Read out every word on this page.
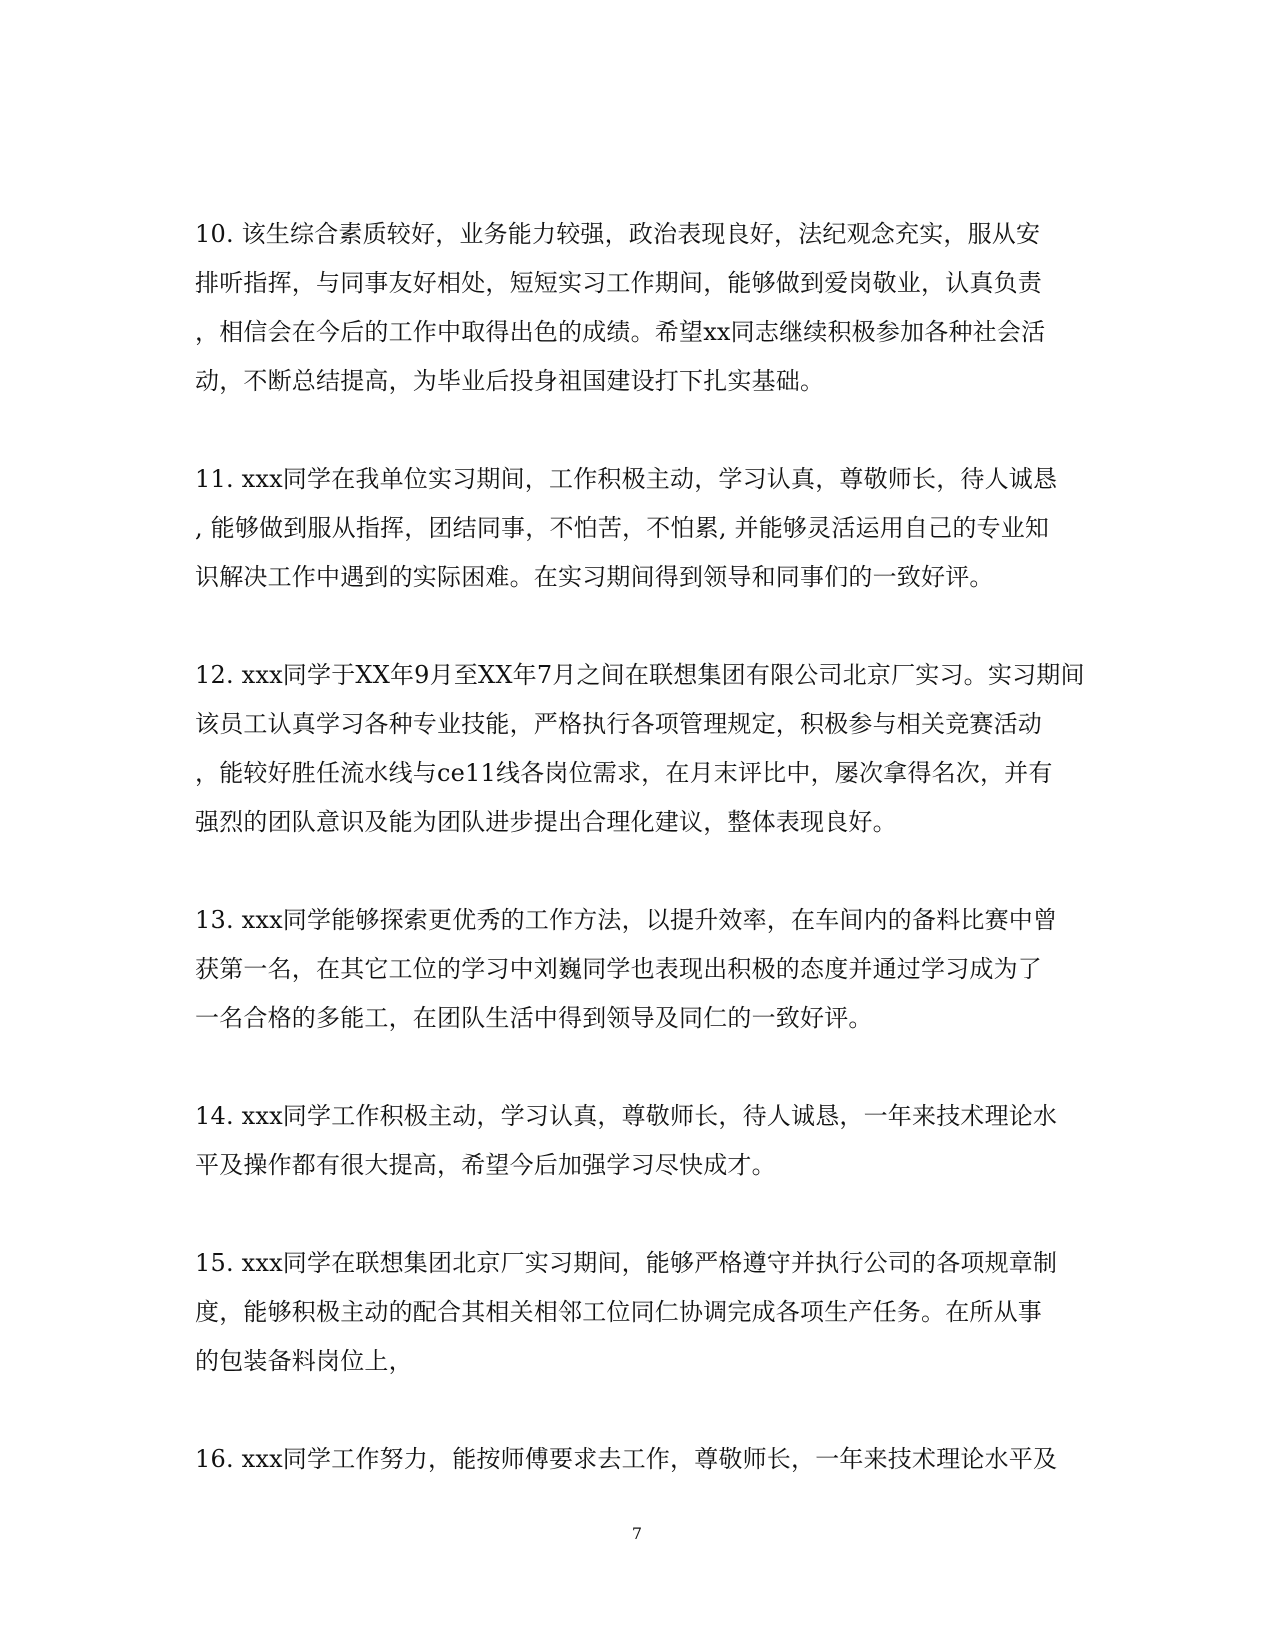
10. 该生综合素质较好，业务能力较强，政治表现良好，法纪观念充实，服从安
排听指挥，与同事友好相处，短短实习工作期间，能够做到爱岗敬业，认真负责
，相信会在今后的工作中取得出色的成绩。希望xx同志继续积极参加各种社会活
动，不断总结提高，为毕业后投身祖国建设打下扎实基础。
11. xxx同学在我单位实习期间，工作积极主动，学习认真，尊敬师长，待人诚恳
, 能够做到服从指挥，团结同事，不怕苦，不怕累, 并能够灵活运用自己的专业知
识解决工作中遇到的实际困难。在实习期间得到领导和同事们的一致好评。
12. xxx同学于XX年9月至XX年7月之间在联想集团有限公司北京厂实习。实习期间
该员工认真学习各种专业技能，严格执行各项管理规定，积极参与相关竞赛活动
，能较好胜任流水线与ce11线各岗位需求，在月末评比中，屡次拿得名次，并有
强烈的团队意识及能为团队进步提出合理化建议，整体表现良好。
13. xxx同学能够探索更优秀的工作方法，以提升效率，在车间内的备料比赛中曾
获第一名，在其它工位的学习中刘巍同学也表现出积极的态度并通过学习成为了
一名合格的多能工，在团队生活中得到领导及同仁的一致好评。
14. xxx同学工作积极主动，学习认真，尊敬师长，待人诚恳，一年来技术理论水
平及操作都有很大提高，希望今后加强学习尽快成才。
15. xxx同学在联想集团北京厂实习期间，能够严格遵守并执行公司的各项规章制
度，能够积极主动的配合其相关相邻工位同仁协调完成各项生产任务。在所从事
的包装备料岗位上，
16. xxx同学工作努力，能按师傅要求去工作，尊敬师长，一年来技术理论水平及
7
